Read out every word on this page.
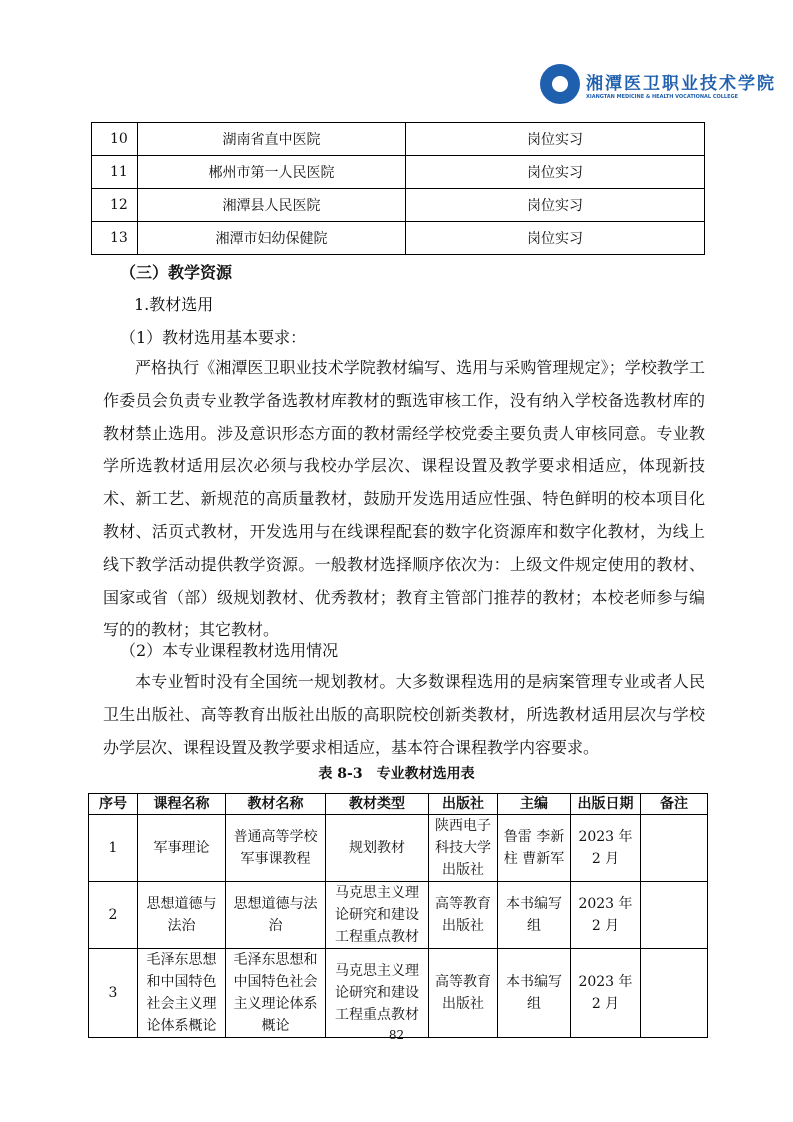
湘潭医卫职业技术学院
XIANGTAN MEDICINE & HEALTH VOCATIONAL COLLEGE
10	湖南省直中医院	岗位实习
11	郴州市第一人民医院	岗位实习
12	湘潭县人民医院	岗位实习
13	湘潭市妇幼保健院	岗位实习
（三）教学资源
1.教材选用
（1）教材选用基本要求：
严格执行《湘潭医卫职业技术学院教材编写、选用与采购管理规定》；学校教学工作委员会负责专业教学备选教材库教材的甄选审核工作，没有纳入学校备选教材库的教材禁止选用。涉及意识形态方面的教材需经学校党委主要负责人审核同意。专业教学所选教材适用层次必须与我校办学层次、课程设置及教学要求相适应，体现新技术、新工艺、新规范的高质量教材，鼓励开发选用适应性强、特色鲜明的校本项目化教材、活页式教材，开发选用与在线课程配套的数字化资源库和数字化教材，为线上线下教学活动提供教学资源。一般教材选择顺序依次为：上级文件规定使用的教材、国家或省（部）级规划教材、优秀教材；教育主管部门推荐的教材；本校老师参与编写的的教材；其它教材。
（2）本专业课程教材选用情况
本专业暂时没有全国统一规划教材。大多数课程选用的是病案管理专业或者人民卫生出版社、高等教育出版社出版的高职院校创新类教材，所选教材适用层次与学校办学层次、课程设置及教学要求相适应，基本符合课程教学内容要求。
表 8-3　专业教材选用表
序号	课程名称	教材名称	教材类型	出版社	主编	出版日期	备注
1	军事理论	普通高等学校军事课教程	规划教材	陕西电子科技大学出版社	鲁雷 李新柱 曹新军	2023 年 2 月	
2	思想道德与法治	思想道德与法治	马克思主义理论研究和建设工程重点教材	高等教育出版社	本书编写组	2023 年 2 月	
3	毛泽东思想和中国特色社会主义理论体系概论	毛泽东思想和中国特色社会主义理论体系概论	马克思主义理论研究和建设工程重点教材	高等教育出版社	本书编写组	2023 年 2 月	
82
